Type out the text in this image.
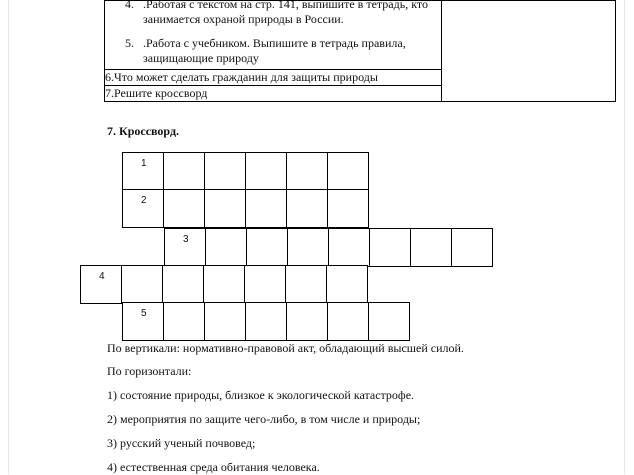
4. .Работая с текстом на стр. 141, выпишите в тетрадь, кто занимается охраной природы в России.
5. .Работа с учебником. Выпишите в тетрадь правила, защищающие природу

6.Что может сделать гражданин для защиты природы
7.Решите кроссворд
7. Кроссворд.
1
2
3
4
5
По вертикали: нормативно-правовой акт, обладающий высшей силой.
По горизонтали:
1) состояние природы, близкое к экологической катастрофе.
2) мероприятия по защите чего-либо, в том числе и природы;
3) русский ученый почвовед;
4) естественная среда обитания человека.
